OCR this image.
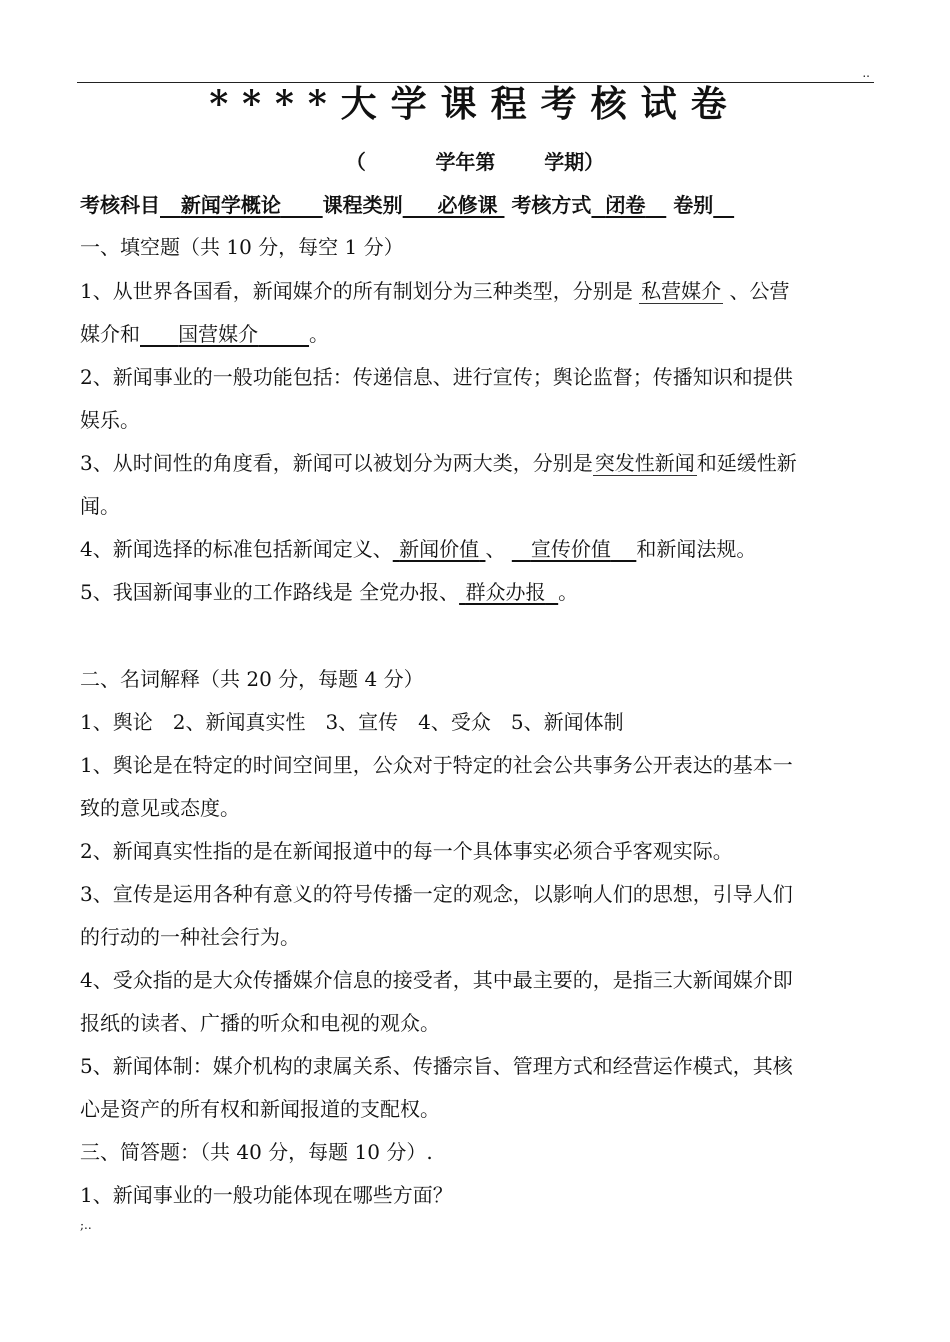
..
****大学课程考核试卷
（	学年第 学期）
考核科目 新闻学概论 课程类别 必修课 考核方式 闭卷 卷别
一、填空题（共 10 分，每空 1 分）
1、从世界各国看，新闻媒介的所有制划分为三种类型，分别是 私营媒介 、公营
媒介和 国营媒介	。
2、新闻事业的一般功能包括：传递信息、进行宣传；舆论监督；传播知识和提供
娱乐。
3、从时间性的角度看，新闻可以被划分为两大类，分别是 突发性新闻 和延缓性新
闻。
4、新闻选择的标准包括新闻定义、 新闻价值 、 宣传价值 和新闻法规。
5、我国新闻事业的工作路线是 全党办报、 群众办报 。
二、名词解释（共 20 分，每题 4 分）
1、舆论　2、新闻真实性　3、宣传　4、受众　5、新闻体制
1、舆论是在特定的时间空间里，公众对于特定的社会公共事务公开表达的基本一
致的意见或态度。
2、新闻真实性指的是在新闻报道中的每一个具体事实必须合乎客观实际。
3、宣传是运用各种有意义的符号传播一定的观念，以影响人们的思想，引导人们
的行动的一种社会行为。
4、受众指的是大众传播媒介信息的接受者，其中最主要的，是指三大新闻媒介即
报纸的读者、广播的听众和电视的观众。
5、新闻体制：媒介机构的隶属关系、传播宗旨、管理方式和经营运作模式，其核
心是资产的所有权和新闻报道的支配权。
三、简答题：（共 40 分，每题 10 分）.
1、新闻事业的一般功能体现在哪些方面？
;..
